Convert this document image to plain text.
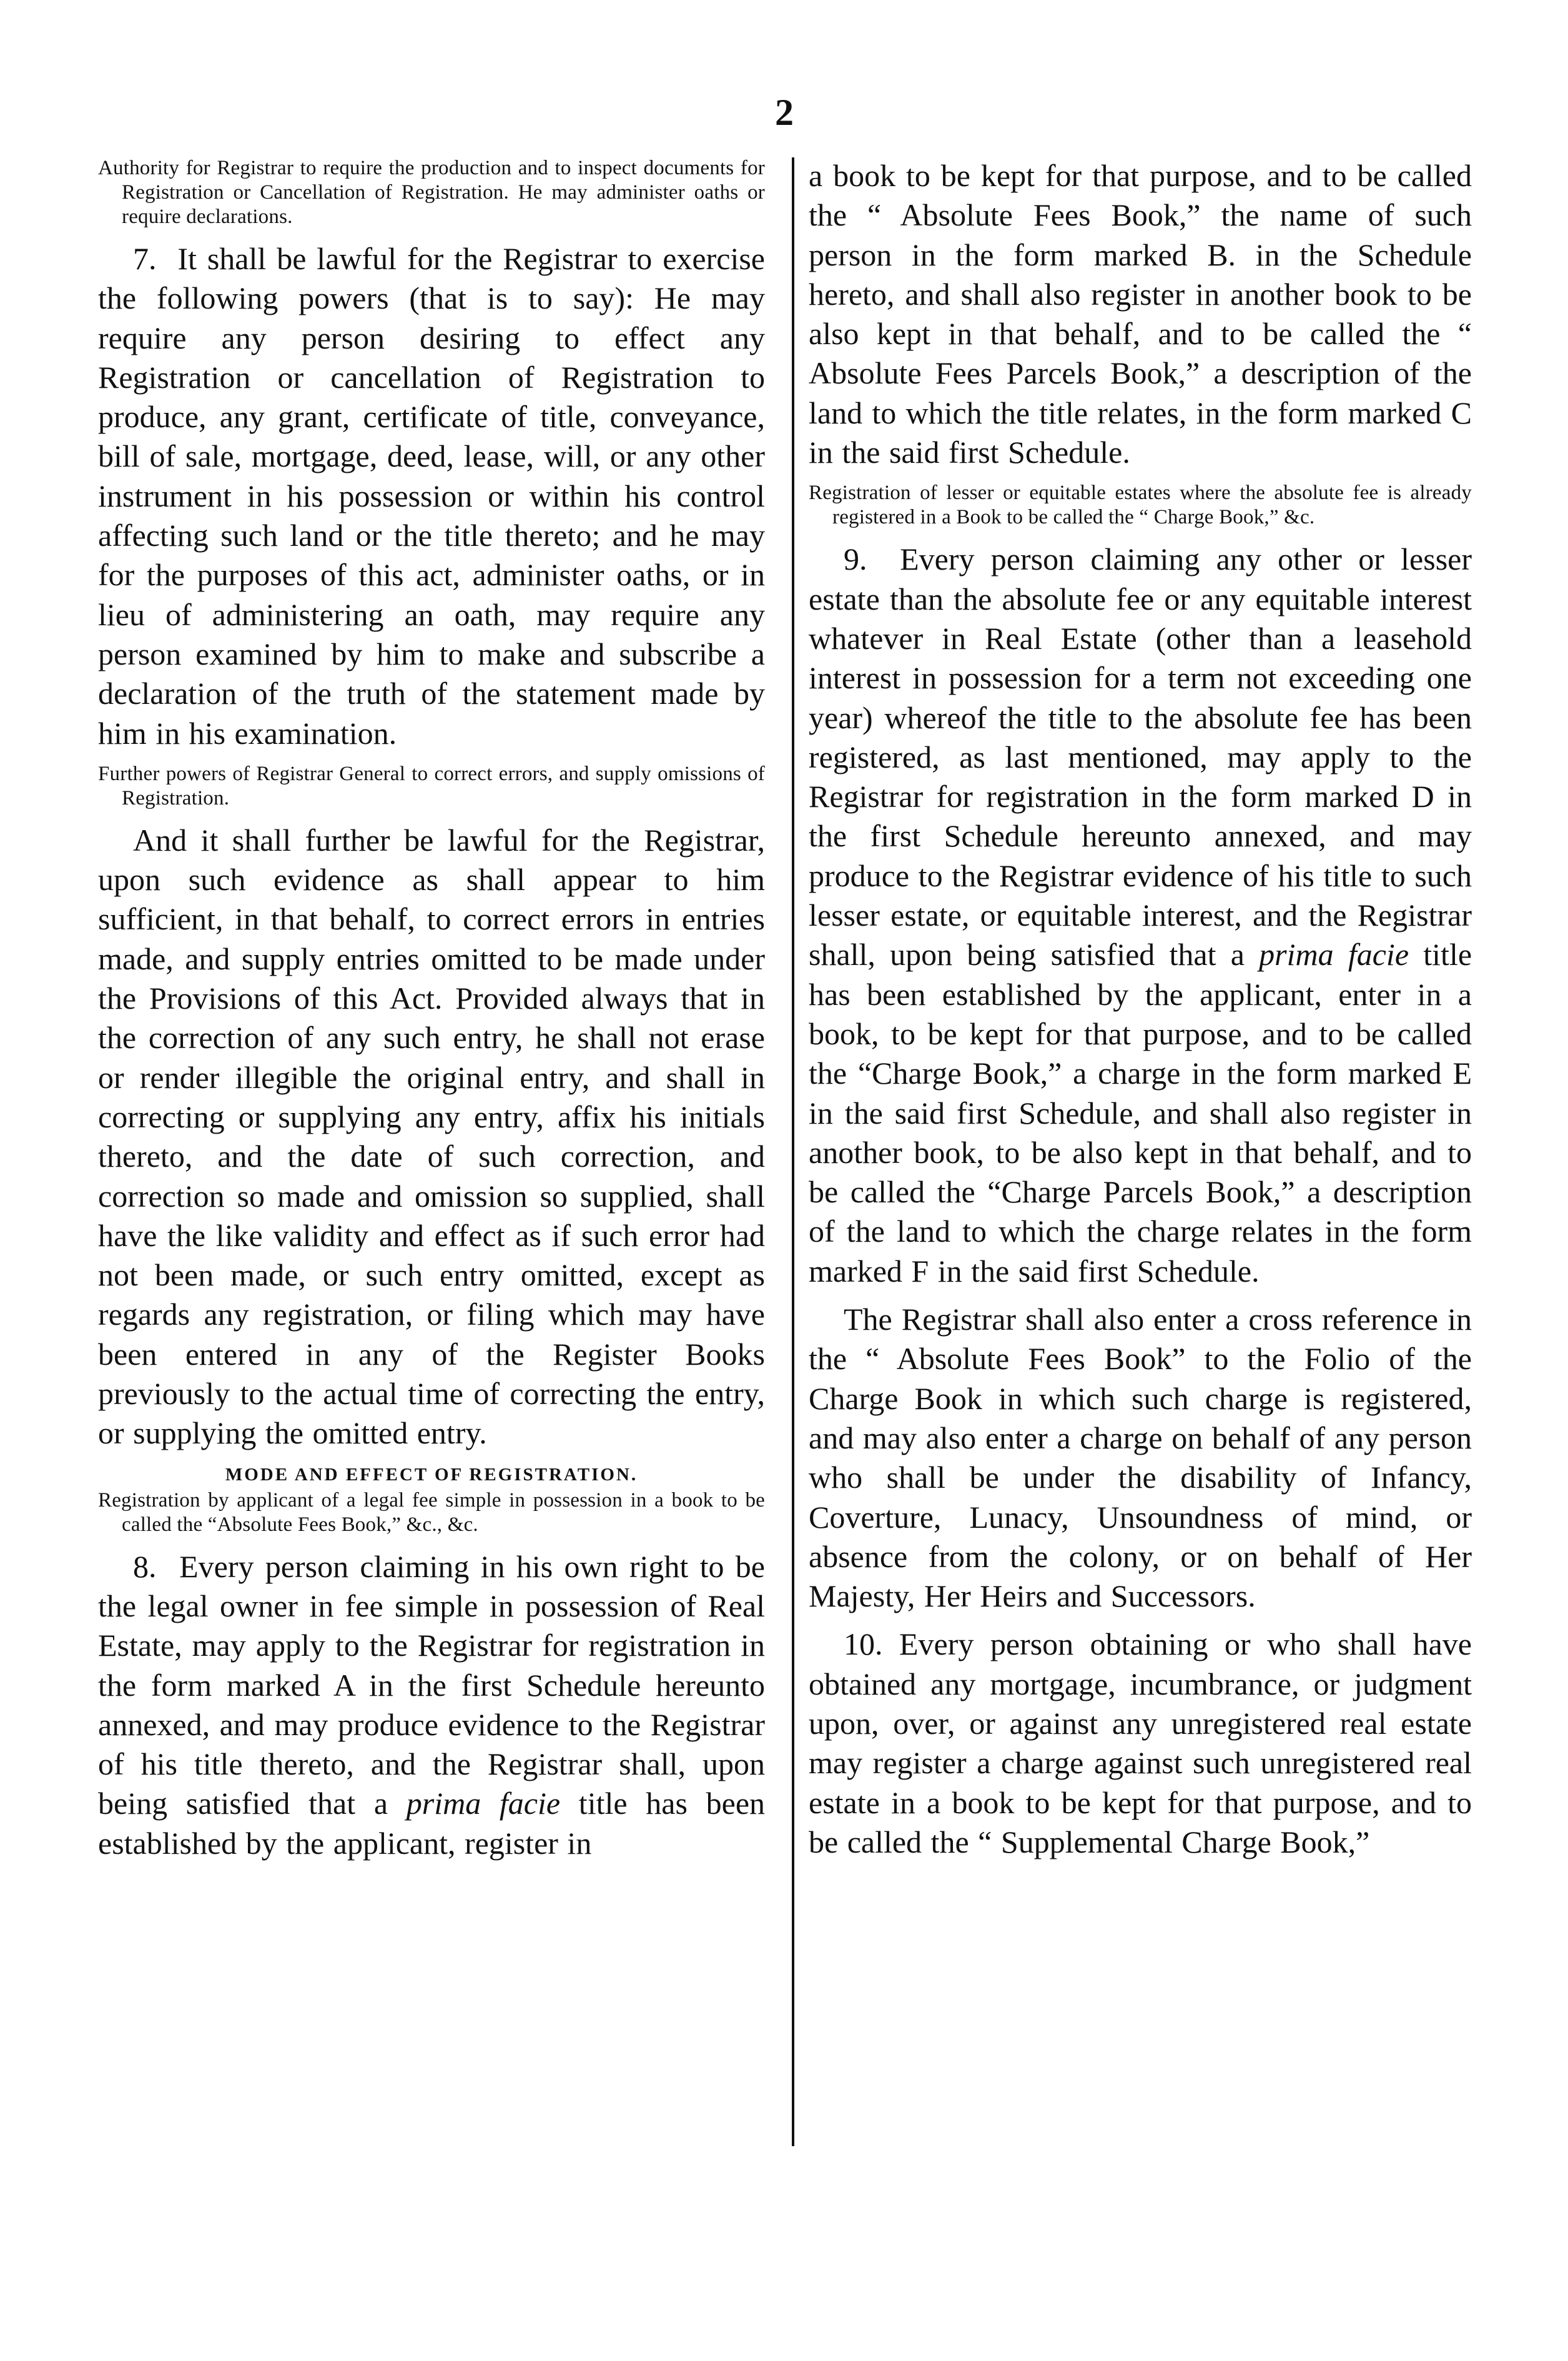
2

Authority for Registrar to require the production and to inspect documents for Registration or Cancellation of Registration. He may administer oaths or require declarations.

7. It shall be lawful for the Registrar to exercise the following powers (that is to say): He may require any person desiring to effect any Registration or cancellation of Registration to produce, any grant, certificate of title, conveyance, bill of sale, mortgage, deed, lease, will, or any other instrument in his possession or within his control affecting such land or the title thereto; and he may for the purposes of this act, administer oaths, or in lieu of administering an oath, may require any person examined by him to make and subscribe a declaration of the truth of the statement made by him in his examination.

Further powers of Registrar General to correct errors, and supply omissions of Registration.

And it shall further be lawful for the Registrar, upon such evidence as shall appear to him sufficient, in that behalf, to correct errors in entries made, and supply entries omitted to be made under the Provisions of this Act. Provided always that in the correction of any such entry, he shall not erase or render illegible the original entry, and shall in correcting or supplying any entry, affix his initials thereto, and the date of such correction, and correction so made and omission so supplied, shall have the like validity and effect as if such error had not been made, or such entry omitted, except as regards any registration, or filing which may have been entered in any of the Register Books previously to the actual time of correcting the entry, or supplying the omitted entry.

MODE AND EFFECT OF REGISTRATION.

Registration by applicant of a legal fee simple in possession in a book to be called the “Absolute Fees Book,” &c., &c.

8. Every person claiming in his own right to be the legal owner in fee simple in possession of Real Estate, may apply to the Registrar for registration in the form marked A in the first Schedule hereunto annexed, and may produce evidence to the Registrar of his title thereto, and the Registrar shall, upon being satisfied that a prima facie title has been established by the applicant, register in

a book to be kept for that purpose, and to be called the “ Absolute Fees Book,” the name of such person in the form marked B. in the Schedule hereto, and shall also register in another book to be also kept in that behalf, and to be called the “ Absolute Fees Parcels Book,” a description of the land to which the title relates, in the form marked C in the said first Schedule.

Registration of lesser or equitable estates where the absolute fee is already registered in a Book to be called the “ Charge Book,” &c.

9. Every person claiming any other or lesser estate than the absolute fee or any equitable interest whatever in Real Estate (other than a leasehold interest in possession for a term not exceeding one year) whereof the title to the absolute fee has been registered, as last mentioned, may apply to the Registrar for registration in the form marked D in the first Schedule hereunto annexed, and may produce to the Registrar evidence of his title to such lesser estate, or equitable interest, and the Registrar shall, upon being satisfied that a prima facie title has been established by the applicant, enter in a book, to be kept for that purpose, and to be called the “Charge Book,” a charge in the form marked E in the said first Schedule, and shall also register in another book, to be also kept in that behalf, and to be called the “Charge Parcels Book,” a description of the land to which the charge relates in the form marked F in the said first Schedule.

The Registrar shall also enter a cross reference in the “ Absolute Fees Book” to the Folio of the Charge Book in which such charge is registered, and may also enter a charge on behalf of any person who shall be under the disability of Infancy, Coverture, Lunacy, Unsoundness of mind, or absence from the colony, or on behalf of Her Majesty, Her Heirs and Successors.

10. Every person obtaining or who shall have obtained any mortgage, incumbrance, or judgment upon, over, or against any unregistered real estate may register a charge against such unregistered real estate in a book to be kept for that purpose, and to be called the “ Supplemental Charge Book,”
